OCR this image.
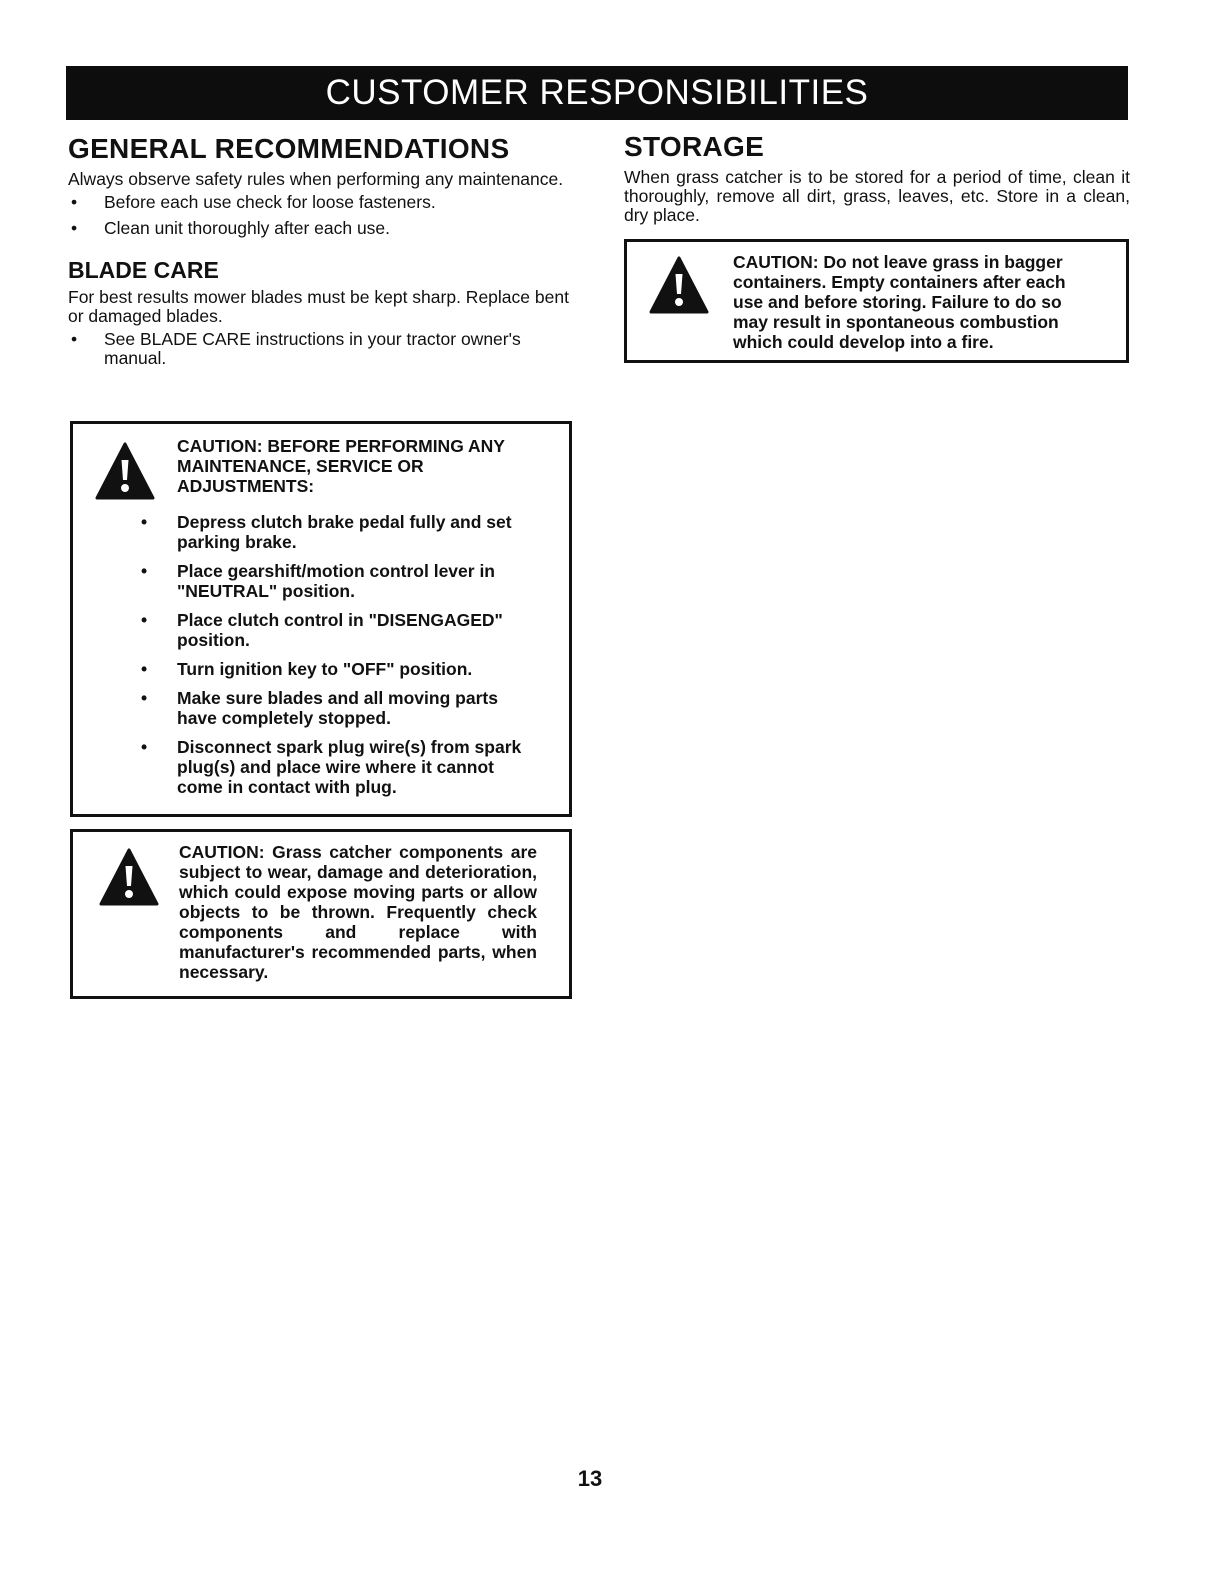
CUSTOMER RESPONSIBILITIES
GENERAL RECOMMENDATIONS

Always observe safety rules when performing any maintenance.

• Before each use check for loose fasteners.
• Clean unit thoroughly after each use.
BLADE CARE

For best results mower blades must be kept sharp. Replace bent or damaged blades.

• See BLADE CARE instructions in your tractor owner's manual.
CAUTION: BEFORE PERFORMING ANY MAINTENANCE, SERVICE OR ADJUSTMENTS:
• Depress clutch brake pedal fully and set parking brake.
• Place gearshift/motion control lever in "NEUTRAL" position.
• Place clutch control in "DISENGAGED" position.
• Turn ignition key to "OFF" position.
• Make sure blades and all moving parts have completely stopped.
• Disconnect spark plug wire(s) from spark plug(s) and place wire where it cannot come in contact with plug.
CAUTION: Grass catcher components are subject to wear, damage and deterioration, which could expose moving parts or allow objects to be thrown. Frequently check components and replace with manufacturer's recommended parts, when necessary.
STORAGE

When grass catcher is to be stored for a period of time, clean it thoroughly, remove all dirt, grass, leaves, etc. Store in a clean, dry place.

CAUTION: Do not leave grass in bagger containers. Empty containers after each use and before storing. Failure to do so may result in spontaneous combustion which could develop into a fire.
13
